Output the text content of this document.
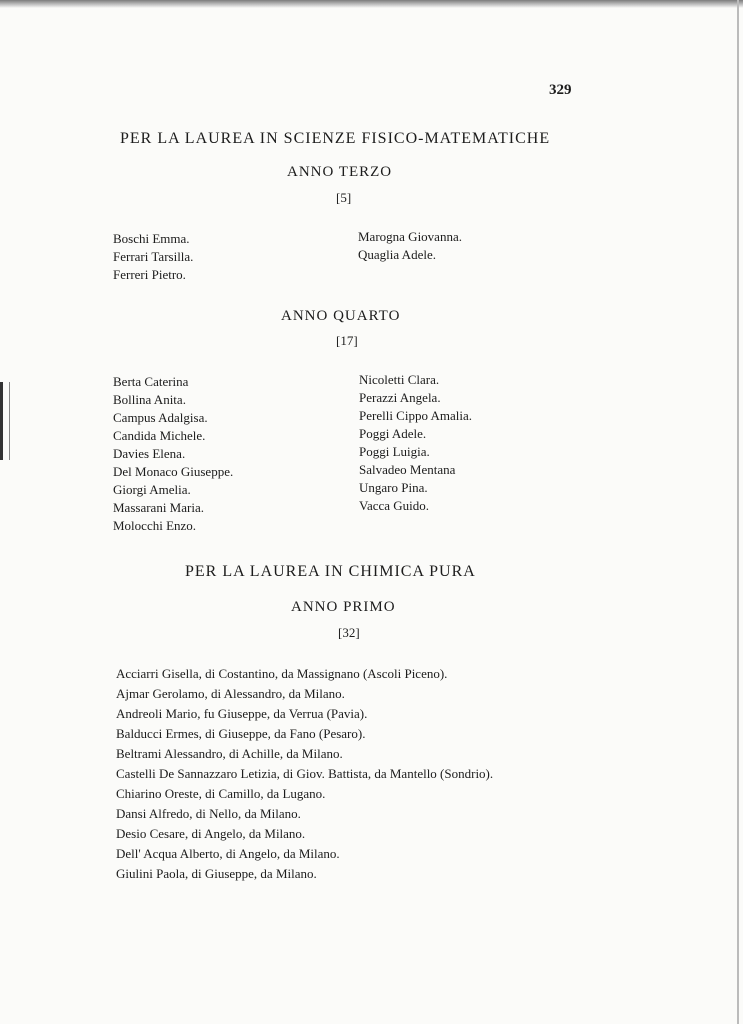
329
PER LA LAUREA IN SCIENZE FISICO-MATEMATICHE
ANNO TERZO
[5]
Boschi Emma.
Ferrari Tarsilla.
Ferreri Pietro.
Marogna Giovanna.
Quaglia Adele.
ANNO QUARTO
[17]
Berta Caterina
Bollina Anita.
Campus Adalgisa.
Candida Michele.
Davies Elena.
Del Monaco Giuseppe.
Giorgi Amelia.
Massarani Maria.
Molocchi Enzo.
Nicoletti Clara.
Perazzi Angela.
Perelli Cippo Amalia.
Poggi Adele.
Poggi Luigia.
Salvadeo Mentana
Ungaro Pina.
Vacca Guido.
PER LA LAUREA IN CHIMICA PURA
ANNO PRIMO
[32]
Acciarri Gisella, di Costantino, da Massignano (Ascoli Piceno).
Ajmar Gerolamo, di Alessandro, da Milano.
Andreoli Mario, fu Giuseppe, da Verrua (Pavia).
Balducci Ermes, di Giuseppe, da Fano (Pesaro).
Beltrami Alessandro, di Achille, da Milano.
Castelli De Sannazzaro Letizia, di Giov. Battista, da Mantello (Sondrio).
Chiarino Oreste, di Camillo, da Lugano.
Dansi Alfredo, di Nello, da Milano.
Desio Cesare, di Angelo, da Milano.
Dell' Acqua Alberto, di Angelo, da Milano.
Giulini Paola, di Giuseppe, da Milano.
